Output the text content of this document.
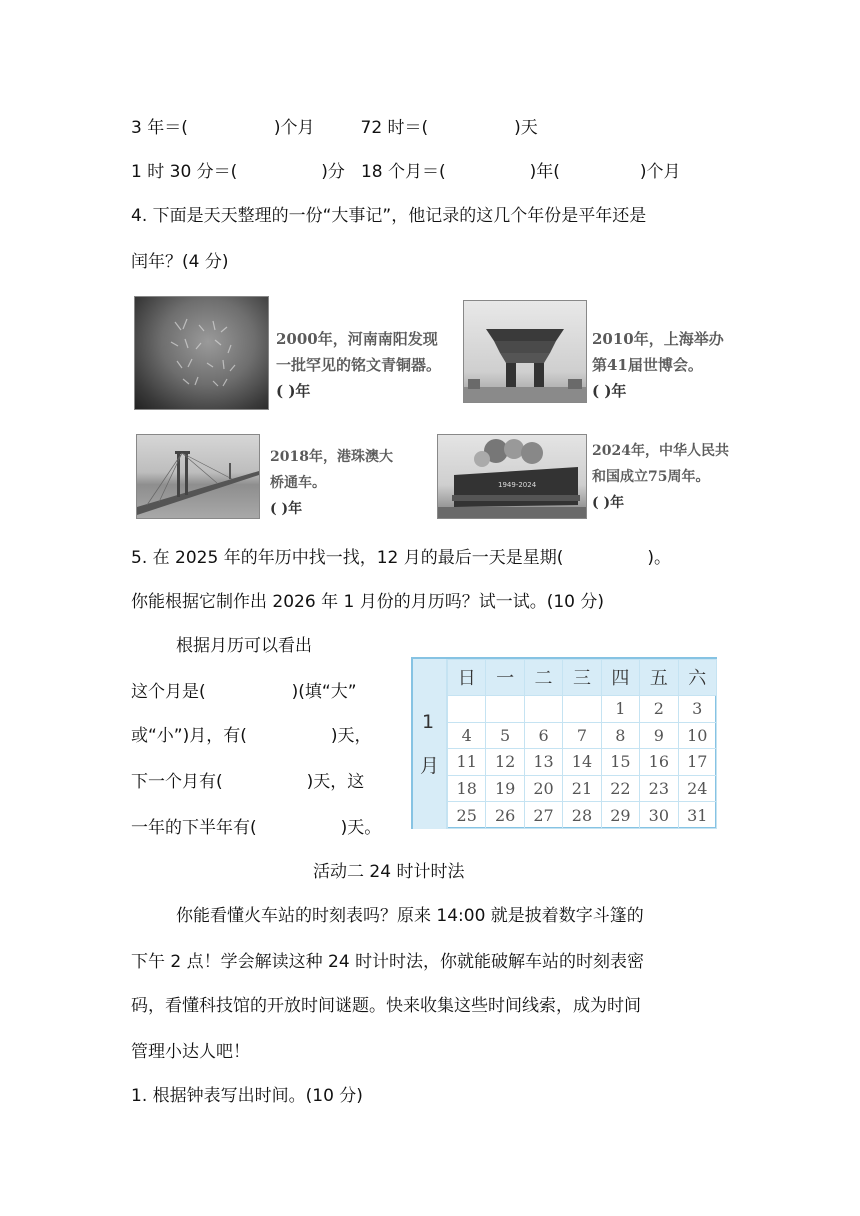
3 年＝(	)个月	72 时＝(	)天
1 时 30 分＝(	)分 18 个月＝(	)年(	)个月
4. 下面是天天整理的一份“大事记”，他记录的这几个年份是平年还是
闰年？(4 分)
2000年，河南南阳发现
一批罕见的铭文青铜器。
( )年
2010年，上海举办
第41届世博会。
( )年
2018年，港珠澳大
桥通车。
( )年
1949-2024
2024年，中华人民共
和国成立75周年。
( )年
5. 在 2025 年的年历中找一找，12 月的最后一天是星期(	)。
你能根据它制作出 2026 年 1 月份的月历吗？试一试。(10 分)
根据月历可以看出
这个月是(	)(填“大”
或“小”)月，有(	)天，
下一个月有(	)天，这
一年的下半年有(	)天。
1
月
日	一	二	三	四	五	六
				1	2	3
4	5	6	7	8	9	10
11	12	13	14	15	16	17
18	19	20	21	22	23	24
25	26	27	28	29	30	31
活动二 24 时计时法
你能看懂火车站的时刻表吗？原来 14:00 就是披着数字斗篷的
下午 2 点！学会解读这种 24 时计时法，你就能破解车站的时刻表密
码，看懂科技馆的开放时间谜题。快来收集这些时间线索，成为时间
管理小达人吧！
1. 根据钟表写出时间。(10 分)
